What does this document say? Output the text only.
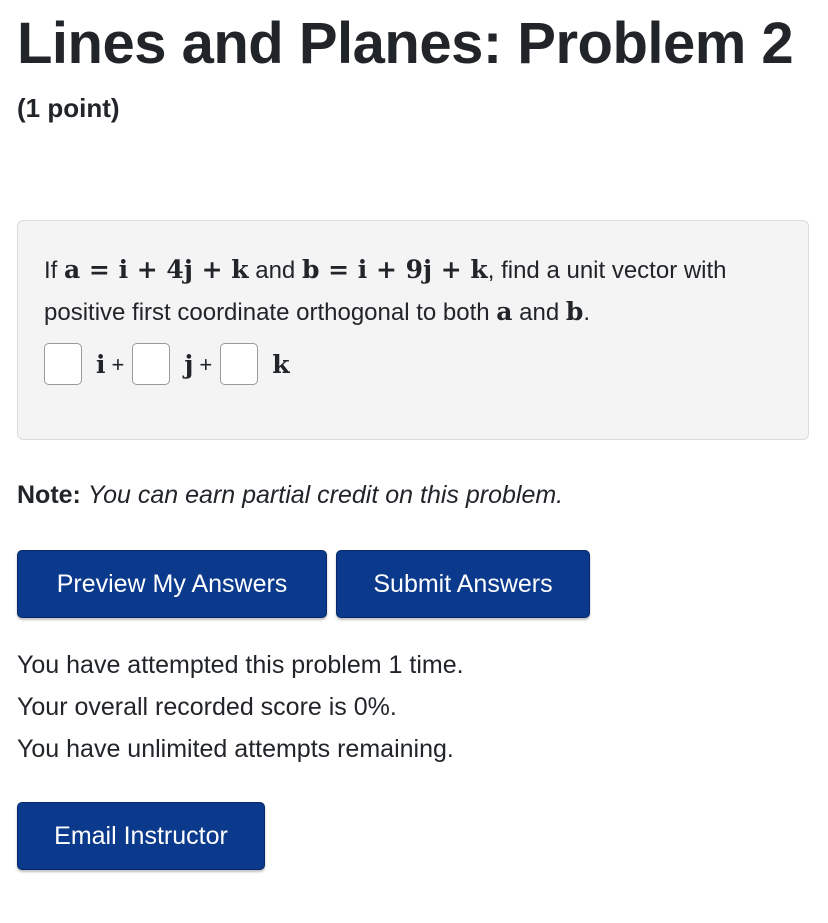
Lines and Planes: Problem 2
(1 point)
If a = i + 4j + k and b = i + 9j + k, find a unit vector with positive first coordinate orthogonal to both a and b.
i + j + k
Note: You can earn partial credit on this problem.
Preview My Answers	Submit Answers
You have attempted this problem 1 time.
Your overall recorded score is 0%.
You have unlimited attempts remaining.
Email Instructor
